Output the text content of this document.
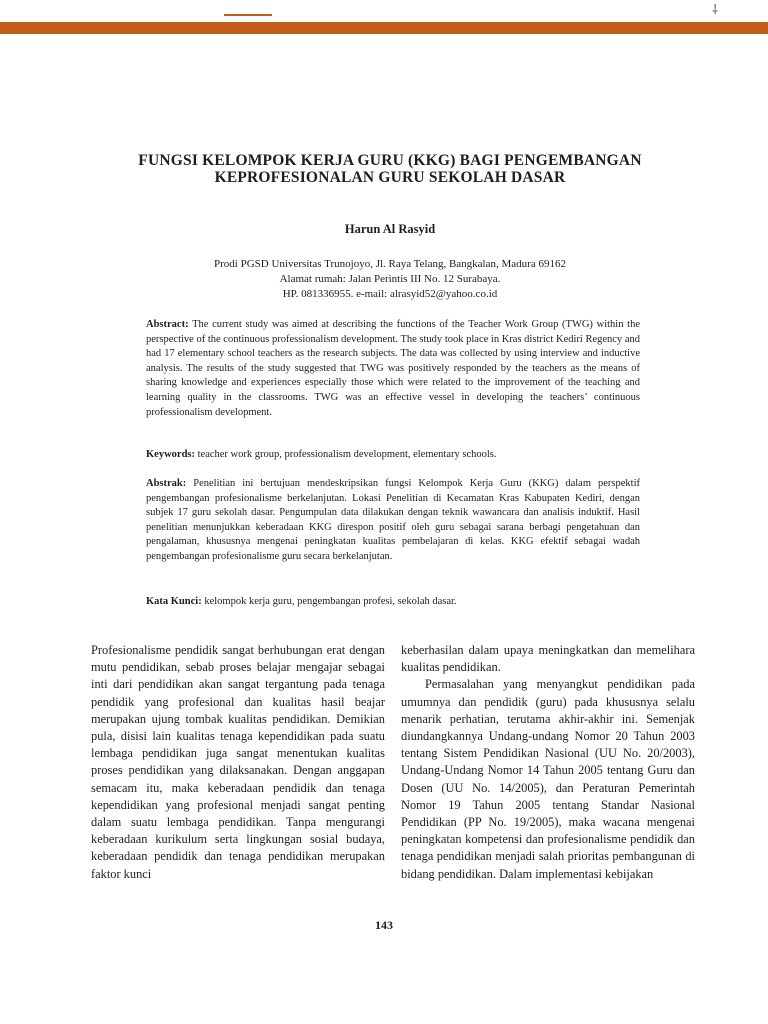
⸸
FUNGSI KELOMPOK KERJA GURU (KKG) BAGI PENGEMBANGAN
KEPROFESIONALAN GURU SEKOLAH DASAR

Harun Al Rasyid

Prodi PGSD Universitas Trunojoyo, Jl. Raya Telang, Bangkalan, Madura 69162
Alamat rumah: Jalan Perintis III No. 12 Surabaya.
HP. 081336955. e-mail: alrasyid52@yahoo.co.id

Abstract: The current study was aimed at describing the functions of the Teacher Work Group (TWG) within the perspective of the continuous professionalism development. The study took place in Kras district Kediri Regency and had 17 elementary school teachers as the research subjects. The data was collected by using interview and inductive analysis. The results of the study suggested that TWG was positively responded by the teachers as the means of sharing knowledge and experiences especially those which were related to the improvement of the teaching and learning quality in the classrooms. TWG was an effective vessel in developing the teachers’ continuous professionalism development.

Keywords: teacher work group, professionalism development, elementary schools.

Abstrak: Penelitian ini bertujuan mendeskripsikan fungsi Kelompok Kerja Guru (KKG) dalam perspektif pengembangan profesionalisme berkelanjutan. Lokasi Penelitian di Kecamatan Kras Kabupaten Kediri, dengan subjek 17 guru sekolah dasar. Pengumpulan data dilakukan dengan teknik wawancara dan analisis induktif. Hasil penelitian menunjukkan keberadaan KKG direspon positif oleh guru sebagai sarana berbagi pengetahuan dan pengalaman, khususnya mengenai peningkatan kualitas pembelajaran di kelas. KKG efektif sebagai wadah pengembangan profesionalisme guru secara berkelanjutan.

Kata Kunci: kelompok kerja guru, pengembangan profesi, sekolah dasar.

Profesionalisme pendidik sangat berhubungan erat dengan mutu pendidikan, sebab proses belajar mengajar sebagai inti dari pendidikan akan sangat tergantung pada tenaga pendidik yang profesional dan kualitas hasil beajar merupakan ujung tombak kualitas pendidikan. Demikian pula, disisi lain kualitas tenaga kependidikan pada suatu lembaga pendidikan juga sangat menentukan kualitas proses pendidikan yang dilaksanakan. Dengan anggapan semacam itu, maka keberadaan pendidik dan tenaga kependidikan yang profesional menjadi sangat penting dalam suatu lembaga pendidikan. Tanpa mengurangi keberadaan kurikulum serta lingkungan sosial budaya, keberadaan pendidik dan tenaga pendidikan merupakan faktor kunci

keberhasilan dalam upaya meningkatkan dan memelihara kualitas pendidikan.

Permasalahan yang menyangkut pendidikan pada umumnya dan pendidik (guru) pada khususnya selalu menarik perhatian, terutama akhir-akhir ini. Semenjak diundangkannya Undang-undang Nomor 20 Tahun 2003 tentang Sistem Pendidikan Nasional (UU No. 20/2003), Undang-Undang Nomor 14 Tahun 2005 tentang Guru dan Dosen (UU No. 14/2005), dan Peraturan Pemerintah Nomor 19 Tahun 2005 tentang Standar Nasional Pendidikan (PP No. 19/2005), maka wacana mengenai peningkatan kompetensi dan profesionalisme pendidik dan tenaga pendidikan menjadi salah prioritas pembangunan di bidang pendidikan. Dalam implementasi kebijakan

143
